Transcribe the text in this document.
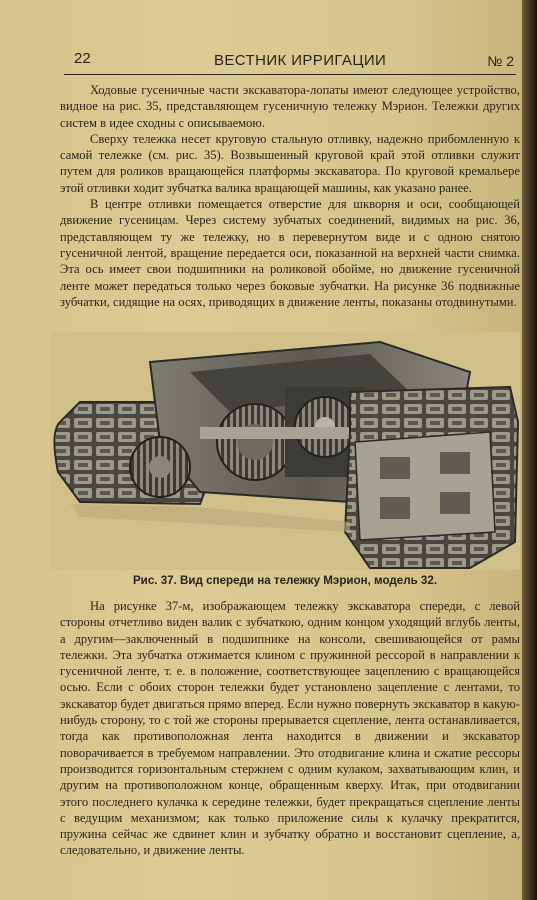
22	ВЕСТНИК ИРРИГАЦИИ	№ 2

Ходовые гусеничные части экскаватора-лопаты имеют следующее устройство, видное на рис. 35, представляющем гусеничную тележку Мэрион. Тележки других систем в идее сходны с описываемою.

Сверху тележка несет круговую стальную отливку, надежно прибомленную к самой тележке (см. рис. 35). Возвышенный круговой край этой отливки служит путем для роликов вращающейся платформы экскаватора. По круговой кремальере этой отливки ходит зубчатка валика вращающей машины, как указано ранее.

В центре отливки помещается отверстие для шкворня и оси, сообщающей движение гусеницам. Через систему зубчатых соединений, видимых на рис. 36, представляющем ту же тележку, но в перевернутом виде и с одною снятою гусеничной лентой, вращение передается оси, показанной на верхней части снимка. Эта ось имеет свои подшипники на роликовой обойме, но движение гусеничной ленте может передаться только через боковые зубчатки. На рисунке 36 подвижные зубчатки, сидящие на осях, приводящих в движение ленты, показаны отодвинутыми.

Рис. 37. Вид спереди на тележку Мэрион, модель 32.

На рисунке 37-м, изображающем тележку экскаватора спереди, с левой стороны отчетливо виден валик с зубчаткою, одним концом уходящий вглубь ленты, а другим—заключенный в подшипнике на консоли, свешивающейся от рамы тележки. Эта зубчатка отжимается клином с пружинной рессорой в направлении к гусеничной ленте, т. е. в положение, соответствующее зацеплению с вращающейся осью. Если с обоих сторон тележки будет установлено зацепление с лентами, то экскаватор будет двигаться прямо вперед. Если нужно повернуть экскаватор в какую-нибудь сторону, то с той же стороны прерывается сцепление, лента останавливается, тогда как противоположная лента находится в движении и экскаватор поворачивается в требуемом направлении. Это отодвигание клина и сжатие рессоры производится горизонтальным стержнем с одним кулаком, захватывающим клин, и другим на противоположном конце, обращенным кверху. Итак, при отодвигании этого последнего кулачка к середине тележки, будет прекращаться сцепление ленты с ведущим механизмом; как только приложение силы к кулачку прекратится, пружина сейчас же сдвинет клин и зубчатку обратно и восстановит сцепление, а, следовательно, и движение ленты.
